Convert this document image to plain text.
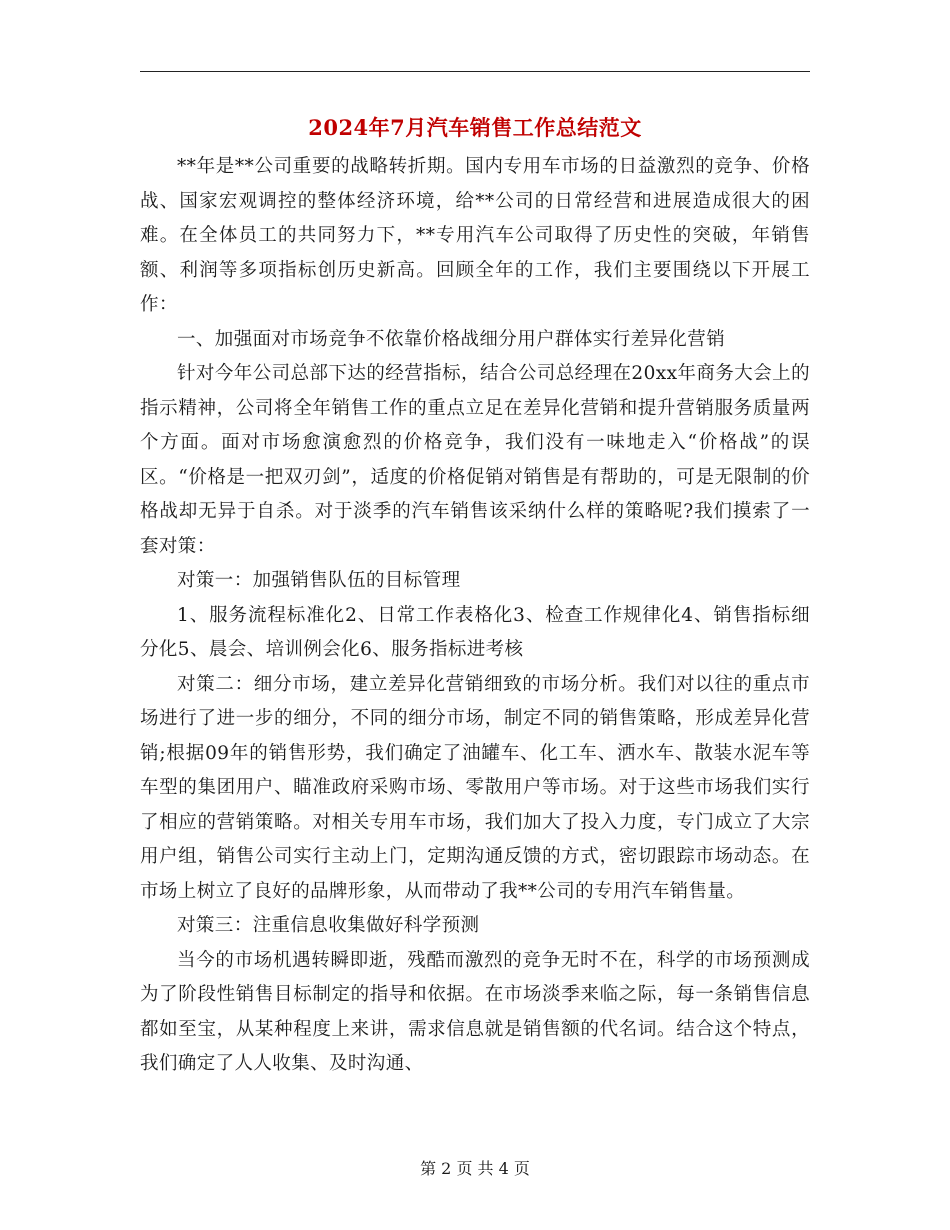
2024年7月汽车销售工作总结范文

**年是**公司重要的战略转折期。国内专用车市场的日益激烈的竞争、价格战、国家宏观调控的整体经济环境，给**公司的日常经营和进展造成很大的困难。在全体员工的共同努力下，**专用汽车公司取得了历史性的突破，年销售额、利润等多项指标创历史新高。回顾全年的工作，我们主要围绕以下开展工作：

一、加强面对市场竞争不依靠价格战细分用户群体实行差异化营销

针对今年公司总部下达的经营指标，结合公司总经理在20xx年商务大会上的指示精神，公司将全年销售工作的重点立足在差异化营销和提升营销服务质量两个方面。面对市场愈演愈烈的价格竞争，我们没有一味地走入“价格战”的误区。“价格是一把双刃剑”，适度的价格促销对销售是有帮助的，可是无限制的价格战却无异于自杀。对于淡季的汽车销售该采纳什么样的策略呢?我们摸索了一套对策：

对策一：加强销售队伍的目标管理

1、服务流程标准化2、日常工作表格化3、检查工作规律化4、销售指标细分化5、晨会、培训例会化6、服务指标进考核

对策二：细分市场，建立差异化营销细致的市场分析。我们对以往的重点市场进行了进一步的细分，不同的细分市场，制定不同的销售策略，形成差异化营销;根据09年的销售形势，我们确定了油罐车、化工车、洒水车、散装水泥车等车型的集团用户、瞄准政府采购市场、零散用户等市场。对于这些市场我们实行了相应的营销策略。对相关专用车市场，我们加大了投入力度，专门成立了大宗用户组，销售公司实行主动上门，定期沟通反馈的方式，密切跟踪市场动态。在市场上树立了良好的品牌形象，从而带动了我**公司的专用汽车销售量。

对策三：注重信息收集做好科学预测

当今的市场机遇转瞬即逝，残酷而激烈的竞争无时不在，科学的市场预测成为了阶段性销售目标制定的指导和依据。在市场淡季来临之际，每一条销售信息都如至宝，从某种程度上来讲，需求信息就是销售额的代名词。结合这个特点，我们确定了人人收集、及时沟通、

第 2 页 共 4 页
